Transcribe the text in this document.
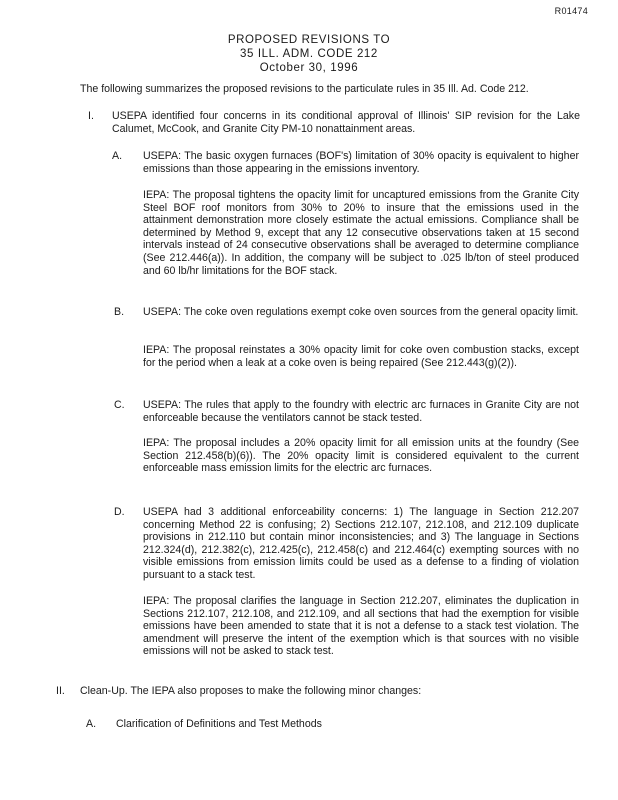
R01474
PROPOSED REVISIONS TO
35 ILL. ADM. CODE 212
October 30, 1996

The following summarizes the proposed revisions to the particulate rules in 35 Ill. Ad. Code 212.

I. USEPA identified four concerns in its conditional approval of Illinois' SIP revision for the Lake Calumet, McCook, and Granite City PM-10 nonattainment areas.

A. USEPA: The basic oxygen furnaces (BOF's) limitation of 30% opacity is equivalent to higher emissions than those appearing in the emissions inventory.

IEPA: The proposal tightens the opacity limit for uncaptured emissions from the Granite City Steel BOF roof monitors from 30% to 20% to insure that the emissions used in the attainment demonstration more closely estimate the actual emissions. Compliance shall be determined by Method 9, except that any 12 consecutive observations taken at 15 second intervals instead of 24 consecutive observations shall be averaged to determine compliance (See 212.446(a)). In addition, the company will be subject to .025 lb/ton of steel produced and 60 lb/hr limitations for the BOF stack.

B. USEPA: The coke oven regulations exempt coke oven sources from the general opacity limit.

IEPA: The proposal reinstates a 30% opacity limit for coke oven combustion stacks, except for the period when a leak at a coke oven is being repaired (See 212.443(g)(2)).

C. USEPA: The rules that apply to the foundry with electric arc furnaces in Granite City are not enforceable because the ventilators cannot be stack tested.

IEPA: The proposal includes a 20% opacity limit for all emission units at the foundry (See Section 212.458(b)(6)). The 20% opacity limit is considered equivalent to the current enforceable mass emission limits for the electric arc furnaces.

D. USEPA had 3 additional enforceability concerns: 1) The language in Section 212.207 concerning Method 22 is confusing; 2) Sections 212.107, 212.108, and 212.109 duplicate provisions in 212.110 but contain minor inconsistencies; and 3) The language in Sections 212.324(d), 212.382(c), 212.425(c), 212.458(c) and 212.464(c) exempting sources with no visible emissions from emission limits could be used as a defense to a finding of violation pursuant to a stack test.

IEPA: The proposal clarifies the language in Section 212.207, eliminates the duplication in Sections 212.107, 212.108, and 212.109, and all sections that had the exemption for visible emissions have been amended to state that it is not a defense to a stack test violation. The amendment will preserve the intent of the exemption which is that sources with no visible emissions will not be asked to stack test.

II. Clean-Up. The IEPA also proposes to make the following minor changes:

A. Clarification of Definitions and Test Methods
